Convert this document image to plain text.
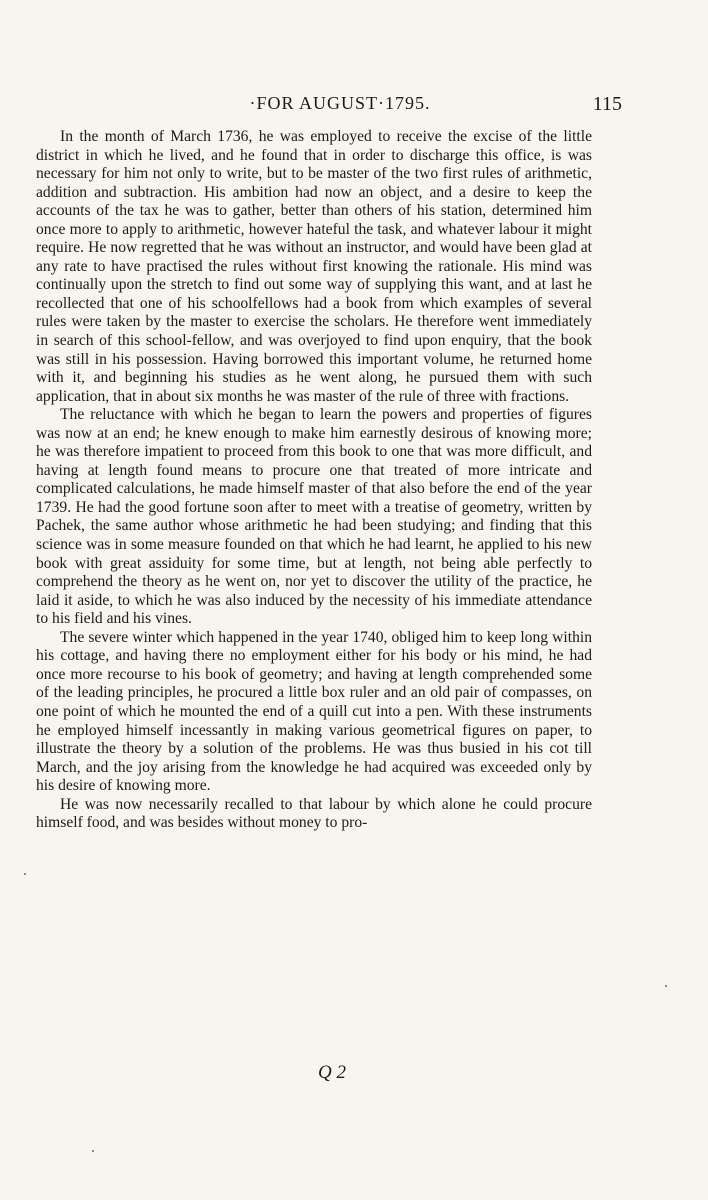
·FOR AUGUST·1795.	115

In the month of March 1736, he was employed to receive the excise of the little district in which he lived, and he found that in order to discharge this office, is was necessary for him not only to write, but to be master of the two first rules of arithmetic, addition and subtraction. His ambition had now an object, and a desire to keep the accounts of the tax he was to gather, better than others of his station, determined him once more to apply to arithmetic, however hateful the task, and whatever labour it might require. He now regretted that he was without an instructor, and would have been glad at any rate to have practised the rules without first knowing the rationale. His mind was continually upon the stretch to find out some way of supplying this want, and at last he recollected that one of his schoolfellows had a book from which examples of several rules were taken by the master to exercise the scholars. He therefore went immediately in search of this school-fellow, and was overjoyed to find upon enquiry, that the book was still in his possession. Having borrowed this important volume, he returned home with it, and beginning his studies as he went along, he pursued them with such application, that in about six months he was master of the rule of three with fractions.

The reluctance with which he began to learn the powers and properties of figures was now at an end; he knew enough to make him earnestly desirous of knowing more; he was therefore impatient to proceed from this book to one that was more difficult, and having at length found means to procure one that treated of more intricate and complicated calculations, he made himself master of that also before the end of the year 1739. He had the good fortune soon after to meet with a treatise of geometry, written by Pachek, the same author whose arithmetic he had been studying; and finding that this science was in some measure founded on that which he had learnt, he applied to his new book with great assiduity for some time, but at length, not being able perfectly to comprehend the theory as he went on, nor yet to discover the utility of the practice, he laid it aside, to which he was also induced by the necessity of his immediate attendance to his field and his vines.

The severe winter which happened in the year 1740, obliged him to keep long within his cottage, and having there no employment either for his body or his mind, he had once more recourse to his book of geometry; and having at length comprehended some of the leading principles, he procured a little box ruler and an old pair of compasses, on one point of which he mounted the end of a quill cut into a pen. With these instruments he employed himself incessantly in making various geometrical figures on paper, to illustrate the theory by a solution of the problems. He was thus busied in his cot till March, and the joy arising from the knowledge he had acquired was exceeded only by his desire of knowing more.

He was now necessarily recalled to that labour by which alone he could procure himself food, and was besides without money to pro-

Q 2
